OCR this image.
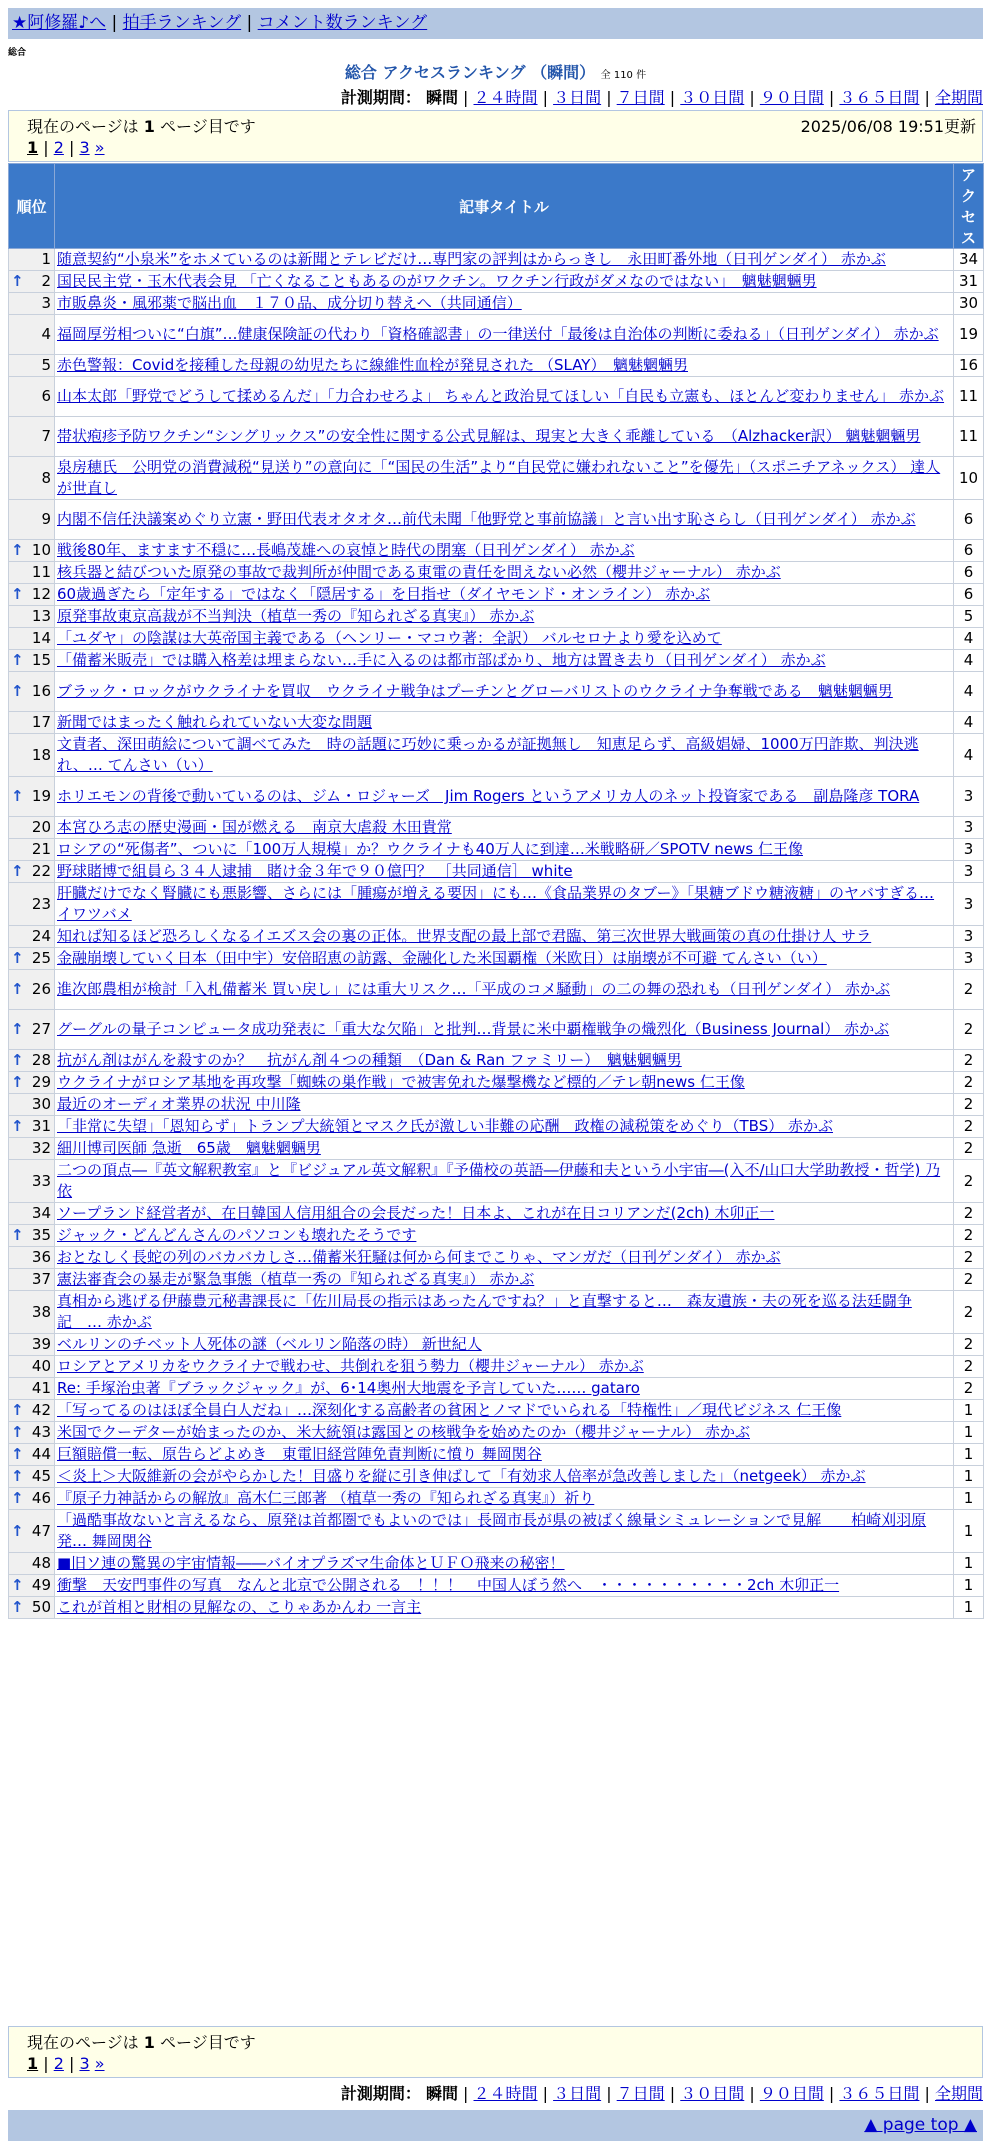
★阿修羅♪へ | 拍手ランキング | コメント数ランキング
総合
総合 アクセスランキング （瞬間） 全 110 件
計測期間： 瞬間 | ２４時間 | ３日間 | ７日間 | ３０日間 | ９０日間 | ３６５日間 | 全期間
現在のページは 1 ページ目です	2025/06/08 19:51更新
1 | 2 | 3 »
順位	記事タイトル	アクセス
1	随意契約“小泉米”をホメているのは新聞とテレビだけ…専門家の評判はからっきし　永田町番外地（日刊ゲンダイ） 赤かぶ	34

↑ 2	国民民主党・玉木代表会見 「亡くなることもあるのがワクチン。ワクチン行政がダメなのではない」　魑魅魍魎男	31
3	市販鼻炎・風邪薬で脳出血　１７０品、成分切り替えへ（共同通信）	30
4	福岡厚労相ついに“白旗”…健康保険証の代わり「資格確認書」の一律送付「最後は自治体の判断に委ねる」（日刊ゲンダイ） 赤かぶ	19
5	赤色警報：Covidを接種した母親の幼児たちに線維性血栓が発見された （SLAY）　魑魅魍魎男	16
6	山本太郎「野党でどうして揉めるんだ」「力合わせろよ」 ちゃんと政治見てほしい「自民も立憲も、ほとんど変わりません」 赤かぶ	11
7	帯状疱疹予防ワクチン“シングリックス”の安全性に関する公式見解は、現実と大きく乖離している　（Alzhacker訳） 魑魅魍魎男	11
8	泉房穂氏　公明党の消費減税“見送り”の意向に「“国民の生活”より“自民党に嫌われないこと”を優先」（スポニチアネックス） 達人が世直し	10
9	内閣不信任決議案めぐり立憲・野田代表オタオタ…前代未聞「他野党と事前協議」と言い出す恥さらし（日刊ゲンダイ） 赤かぶ	6

↑ 10	戦後80年、ますます不穏に…長嶋茂雄への哀悼と時代の閉塞（日刊ゲンダイ） 赤かぶ	6
11	核兵器と結びついた原発の事故で裁判所が仲間である東電の責任を問えない必然（櫻井ジャーナル） 赤かぶ	6

↑ 12	60歳過ぎたら「定年する」ではなく「隠居する」を目指せ（ダイヤモンド・オンライン） 赤かぶ	6
13	原発事故東京高裁が不当判決（植草一秀の『知られざる真実』） 赤かぶ	5
14	「ユダヤ」の陰謀は大英帝国主義である（ヘンリー・マコウ著：全訳） バルセロナより愛を込めて	4

↑ 15	「備蓄米販売」では購入格差は埋まらない…手に入るのは都市部ばかり、地方は置き去り（日刊ゲンダイ） 赤かぶ	4

↑ 16	ブラック・ロックがウクライナを買収　ウクライナ戦争はプーチンとグローバリストのウクライナ争奪戦である　魑魅魍魎男	4
17	新聞ではまったく触れられていない大変な問題	4
18	文責者、深田萌絵について調べてみた　時の話題に巧妙に乗っかるが証拠無し　知恵足らず、高級娼婦、1000万円詐欺、判決逃れ、… てんさい（い）	4

↑ 19	ホリエモンの背後で動いているのは、ジム・ロジャーズ　Jim Rogers というアメリカ人のネット投資家である　副島隆彦 TORA	3
20	本宮ひろ志の歴史漫画・国が燃える　南京大虐殺 木田貴常	3
21	ロシアの“死傷者”、ついに「100万人規模」か？ウクライナも40万人に到達…米戦略研／SPOTV news 仁王像	3

↑ 22	野球賭博で組員ら３４人逮捕　賭け金３年で９０億円？ ［共同通信］ white	3
23	肝臓だけでなく腎臓にも悪影響、さらには「腫瘍が増える要因」にも…《食品業界のタブー》「果糖ブドウ糖液糖」のヤバすぎる… イワツバメ	3
24	知れば知るほど恐ろしくなるイエズス会の裏の正体。世界支配の最上部で君臨、第三次世界大戦画策の真の仕掛け人 サラ	3

↑ 25	金融崩壊していく日本（田中宇）安倍昭恵の訪露、金融化した米国覇権（米欧日）は崩壊が不可避 てんさい（い）	3

↑ 26	進次郎農相が検討「入札備蓄米 買い戻し」には重大リスク…「平成のコメ騒動」の二の舞の恐れも（日刊ゲンダイ） 赤かぶ	2

↑ 27	グーグルの量子コンピュータ成功発表に「重大な欠陥」と批判…背景に米中覇権戦争の熾烈化（Business Journal） 赤かぶ	2

↑ 28	抗がん剤はがんを殺すのか？　抗がん剤４つの種類　（Dan & Ran ファミリー）　魑魅魍魎男	2

↑ 29	ウクライナがロシア基地を再攻撃「蜘蛛の巣作戦」で被害免れた爆撃機など標的／テレ朝news 仁王像	2
30	最近のオーディオ業界の状況 中川隆	2

↑ 31	「非常に失望」「恩知らず」トランプ大統領とマスク氏が激しい非難の応酬　政権の減税策をめぐり（TBS） 赤かぶ	2
32	細川博司医師 急逝　65歳　魑魅魍魎男	2
33	二つの頂点―『英文解釈教室』と『ビジュアル英文解釈』『予備校の英語―伊藤和夫という小宇宙―(入不/山口大学助教授・哲学) 乃依	2
34	ソープランド経営者が、在日韓国人信用組合の会長だった！日本よ、これが在日コリアンだ(2ch) 木卯正一	2

↑ 35	ジャック・どんどんさんのパソコンも壊れたそうです	2
36	おとなしく長蛇の列のバカバカしさ…備蓄米狂騒は何から何までこりゃ、マンガだ（日刊ゲンダイ） 赤かぶ	2
37	憲法審査会の暴走が緊急事態（植草一秀の『知られざる真実』） 赤かぶ	2
38	真相から逃げる伊藤豊元秘書課長に「佐川局長の指示はあったんですね？」と直撃すると…　森友遺族・夫の死を巡る法廷闘争記　… 赤かぶ	2
39	ベルリンのチベット人死体の謎（ベルリン陥落の時） 新世紀人	2
40	ロシアとアメリカをウクライナで戦わせ、共倒れを狙う勢力（櫻井ジャーナル） 赤かぶ	2
41	Re: 手塚治虫著『ブラックジャック』が、6･14奥州大地震を予言していた…… gataro	2

↑ 42	「写ってるのはほぼ全員白人だね」…深刻化する高齢者の貧困とノマドでいられる「特権性」／現代ビジネス 仁王像	1

↑ 43	米国でクーデターが始まったのか、米大統領は露国との核戦争を始めたのか（櫻井ジャーナル） 赤かぶ	1

↑ 44	巨額賠償一転、原告らどよめき　東電旧経営陣免責判断に憤り 舞岡関谷	1

↑ 45	＜炎上＞大阪維新の会がやらかした！目盛りを縦に引き伸ばして「有効求人倍率が急改善しました」（netgeek） 赤かぶ	1

↑ 46	『原子力神話からの解放』高木仁三郎著 （植草一秀の『知られざる真実』）祈り	1

↑ 47	「過酷事故ないと言えるなら、原発は首都圏でもよいのでは」長岡市長が県の被ばく線量シミュレーションで見解　　柏崎刈羽原発… 舞岡関谷	1
48	■旧ソ連の驚異の宇宙情報――バイオプラズマ生命体とＵＦＯ飛来の秘密！	1

↑ 49	衝撃　天安門事件の写真　なんと北京で公開される　！！！　中国人ぼう然へ　・・・・・・・・・・2ch 木卯正一	1

↑ 50	これが首相と財相の見解なの、こりゃあかんわ 一言主	1
現在のページは 1 ページ目です
1 | 2 | 3 »
計測期間： 瞬間 | ２４時間 | ３日間 | ７日間 | ３０日間 | ９０日間 | ３６５日間 | 全期間
▲ page top ▲
